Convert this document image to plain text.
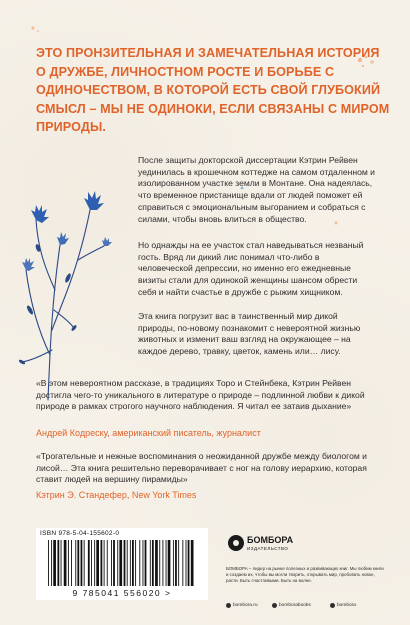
ЭТО ПРОНЗИТЕЛЬНАЯ И ЗАМЕЧАТЕЛЬНАЯ ИСТОРИЯ О ДРУЖБЕ, ЛИЧНОСТНОМ РОСТЕ И БОРЬБЕ С ОДИНОЧЕСТВОМ, В КОТОРОЙ ЕСТЬ СВОЙ ГЛУБОКИЙ СМЫСЛ – МЫ НЕ ОДИНОКИ, ЕСЛИ СВЯЗАНЫ С МИРОМ ПРИРОДЫ.

После защиты докторской диссертации Кэтрин Рейвен уединилась в крошечном коттедже на самом отдаленном и изолированном участке земли в Монтане. Она надеялась, что временное пристанище вдали от людей поможет ей справиться с эмоциональным выгоранием и собраться с силами, чтобы вновь влиться в общество.

Но однажды на ее участок стал наведываться незваный гость. Вряд ли дикий лис понимал что-либо в человеческой депрессии, но именно его ежедневные визиты стали для одинокой женщины шансом обрести себя и найти счастье в дружбе с рыжим хищником.

Эта книга погрузит вас в таинственный мир дикой природы, по-новому познакомит с невероятной жизнью животных и изменит ваш взгляд на окружающее – на каждое дерево, травку, цветок, камень или… лису.

«В этом невероятном рассказе, в традициях Торо и Стейнбека, Кэтрин Рейвен достигла чего-то уникального в литературе о природе – подлинной любви к дикой природе в рамках строгого научного наблюдения. Я читал ее затаив дыхание»

Андрей Кодреску, американский писатель, журналист

«Трогательные и нежные воспоминания о неожиданной дружбе между биологом и лисой… Эта книга решительно переворачивает с ног на голову иерархию, которая ставит людей на вершину пирамиды»

Кэтрин Э. Стандефер, New York Times

ISBN 978-5-04-155602-0
9 785041 556020 >
БОМБОРА
ИЗДАТЕЛЬСТВО

БОМБОРА – лидер на рынке полезных и развивающих книг. Мы любим книги и создаем их, чтобы вы могли творить, открывать мир, пробовать новое, расти. Быть счастливыми. Быть на волне.

bombora.ru	bomborabooks	bombora
